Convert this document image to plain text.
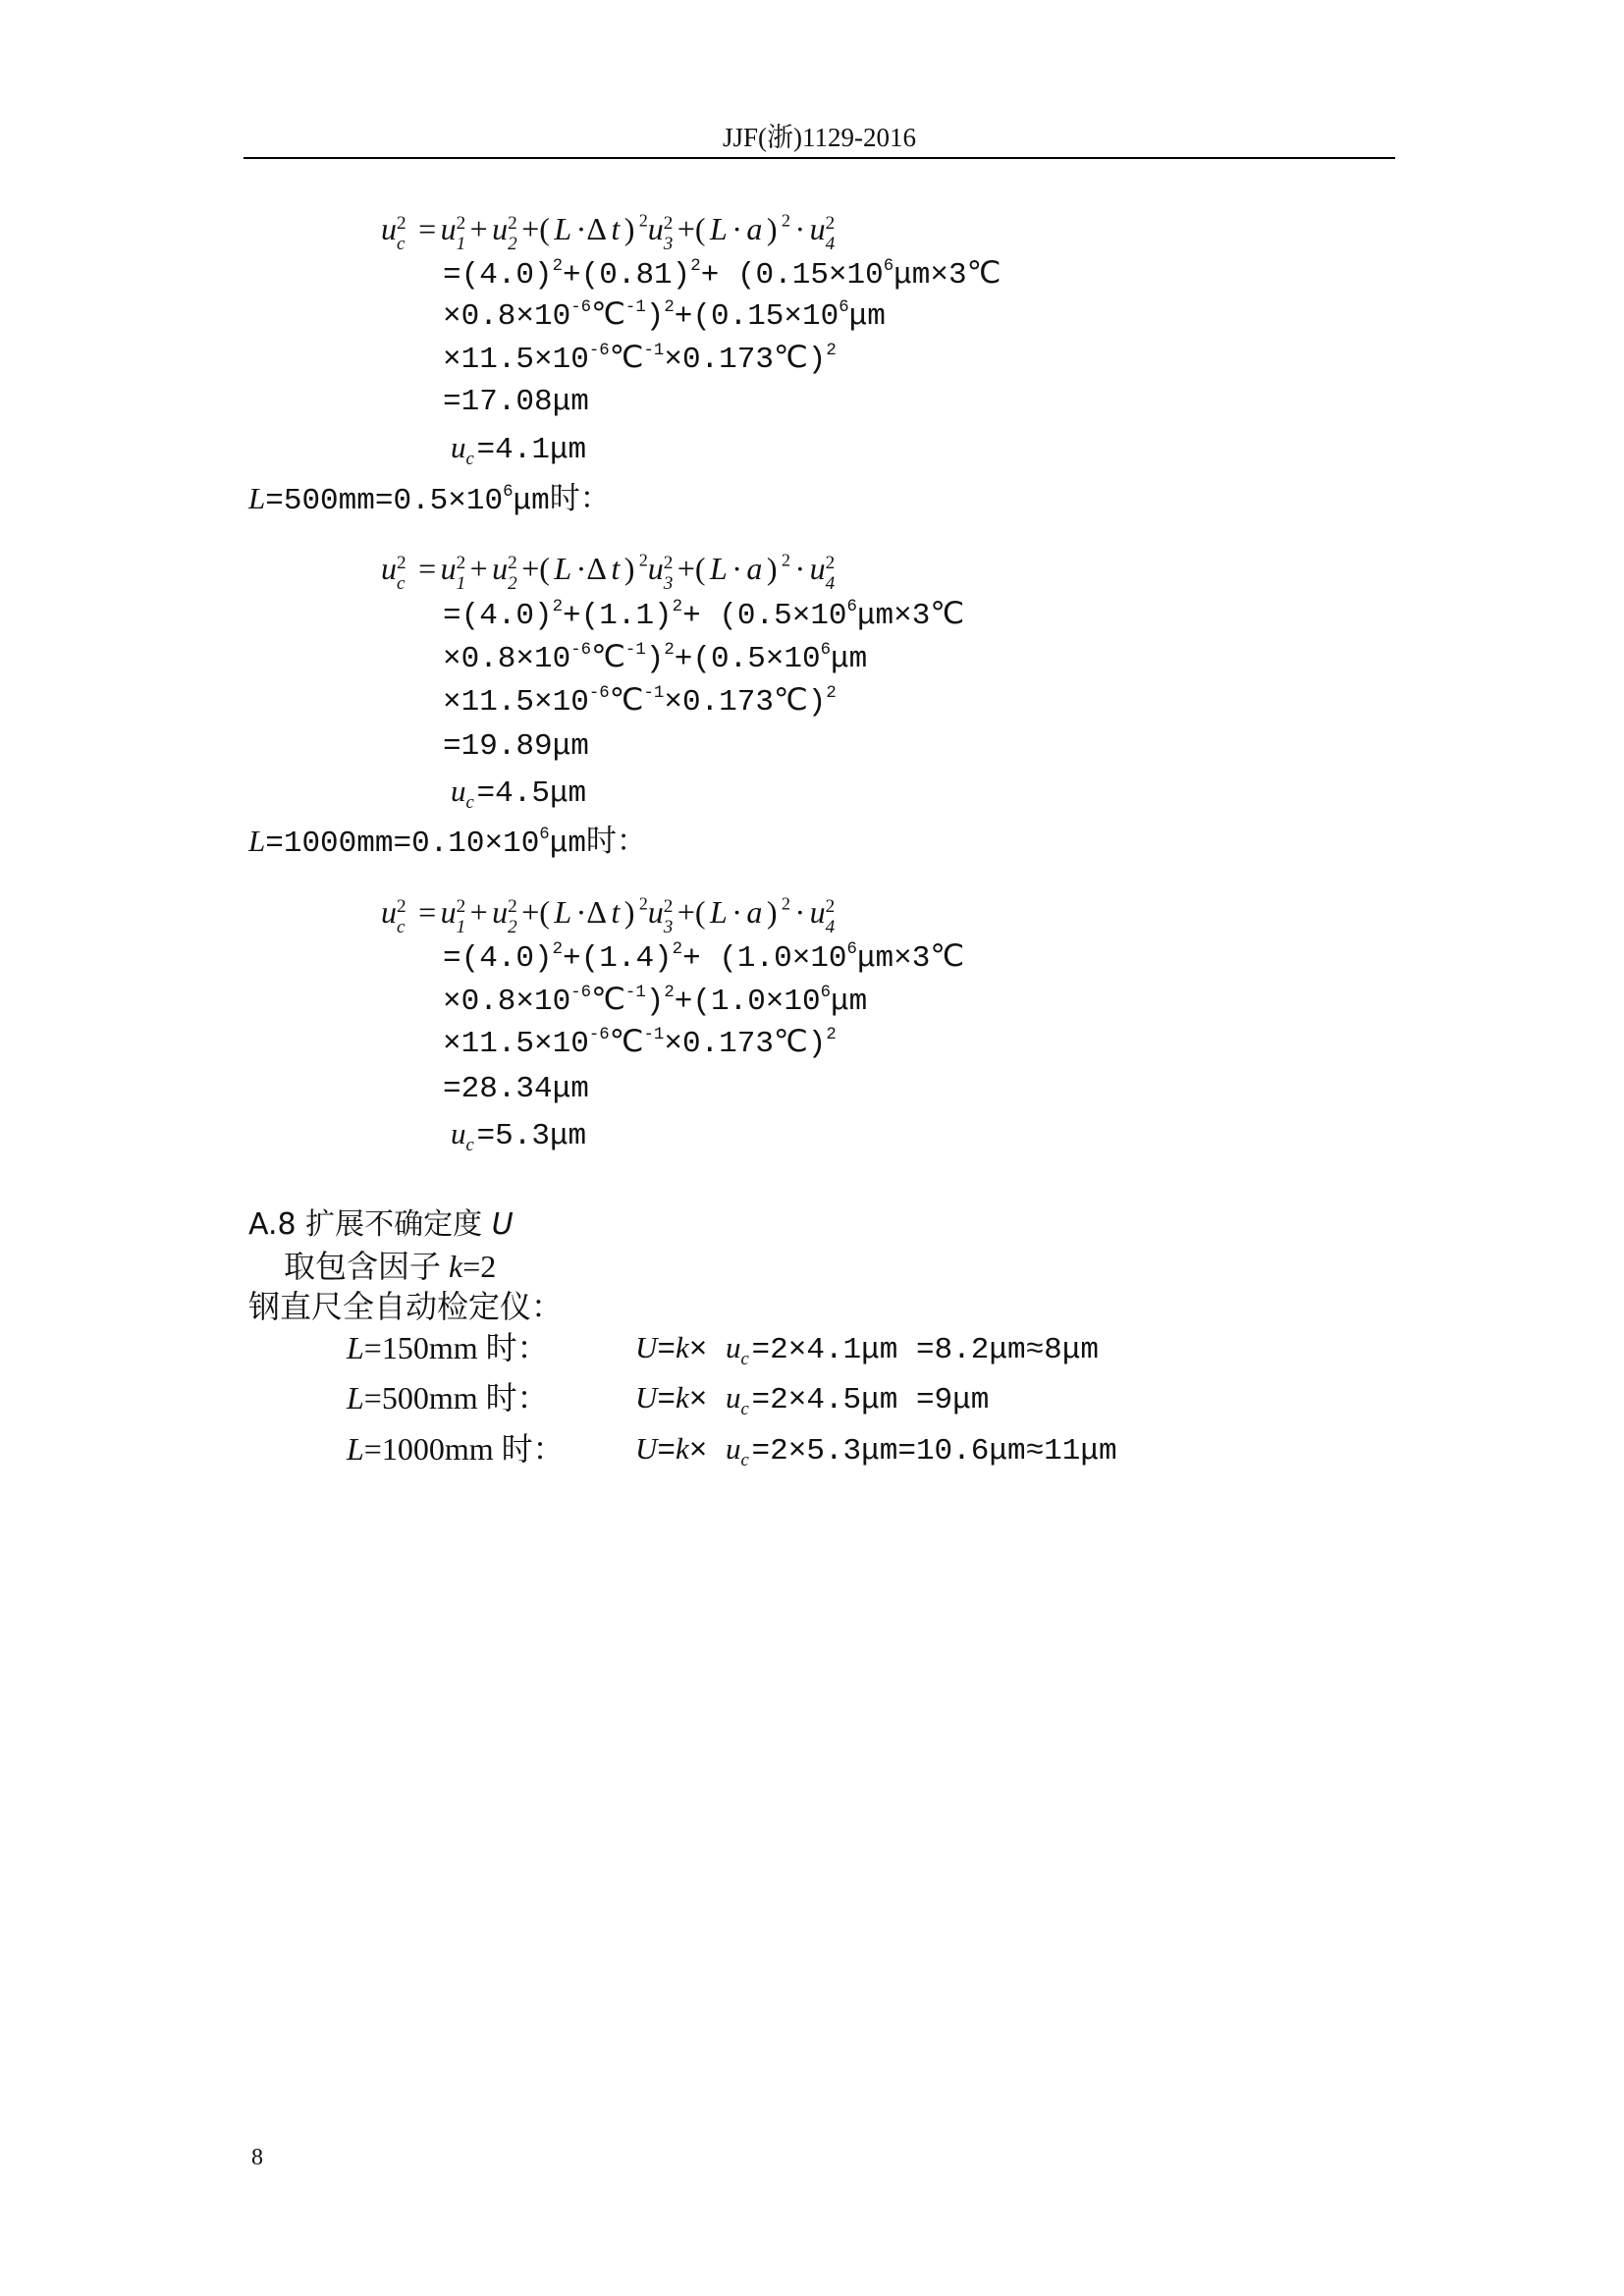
JJF(浙)1129-2016
u 2
c = u 2
1 + u 2
2 +( L ·Δ t ) $^2$u 2
3 +( L · a ) $^2$ · u 2
4
$=(4.0)^2+(0.81)^2+$ ($0.15\times 10^6\mu m\times 3℃$
$\times 0.8\times 10^{-6}℃^{-1})^2+(0.15\times 10^6\mu m$
$\times 11.5\times 10^{-6}℃^{-1}\times 0.173℃)^2$
=17.08μm
$u_c=4.1\mu m$
$L=500mm=0.5\times 10^6\mu m$时：
u 2
c = u 2
1 + u 2
2 +( L ·Δ t ) $^2$u 2
3 +( L · a ) $^2$ · u 2
4
$=(4.0)^2+(1.1)^2+$ ($0.5\times 10^6\mu m\times 3℃$
$\times 0.8\times 10^{-6}℃^{-1})^2+(0.5\times 10^6\mu m$
$\times 11.5\times 10^{-6}℃^{-1}\times 0.173℃)^2$
=19.89μm
$u_c=4.5\mu m$
$L=1000mm=0.10\times 10^6\mu m$时：
u 2
c = u 2
1 + u 2
2 +( L ·Δ t ) $^2$u 2
3 +( L · a ) $^2$ · u 2
4
$=(4.0)^2+(1.4)^2+$ ($1.0\times 10^6\mu m\times 3℃$
$\times 0.8\times 10^{-6}℃^{-1})^2+(1.0\times 10^6\mu m$
$\times 11.5\times 10^{-6}℃^{-1}\times 0.173℃)^2$
=28.34μm
$u_c=5.3\mu m$
A.8 扩展不确定度 U
取包含因子 k=2
钢直尺全自动检定仪：
L=150mm 时：	$U=k\times u_c=2\times 4.1\mu m =8.2\mu m\approx 8\mu m$
L=500mm 时：	$U=k\times u_c=2\times 4.5\mu m =9\mu m$
L=1000mm 时： $U=k\times u_c=2\times 5.3\mu m=10.6\mu m\approx 11\mu m$
8
